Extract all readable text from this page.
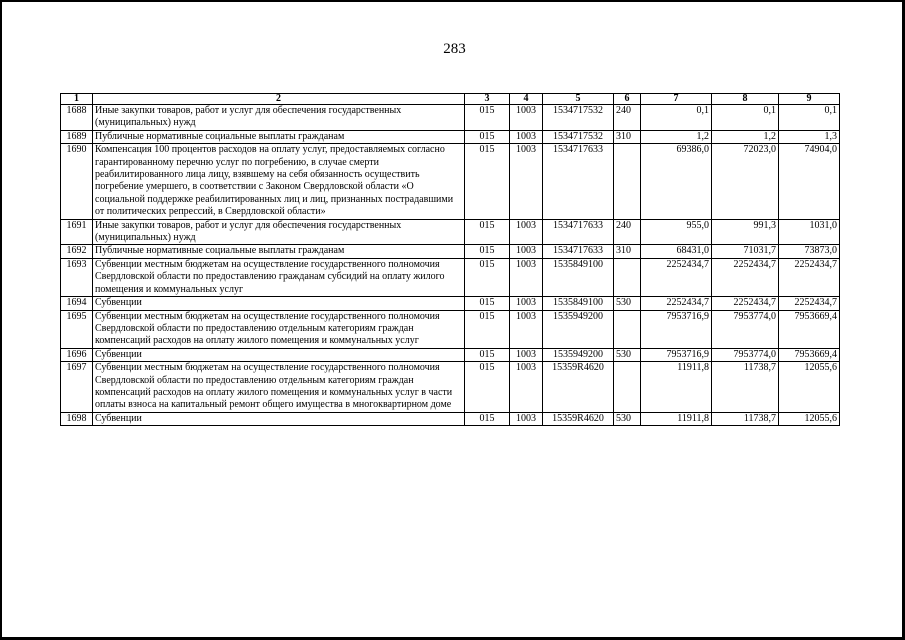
283
1	2	3	4	5	6	7	8	9
1688	Иные закупки товаров, работ и услуг для обеспечения государственных (муниципальных) нужд	015	1003	1534717532	240	0,1	0,1	0,1
1689	Публичные нормативные социальные выплаты гражданам	015	1003	1534717532	310	1,2	1,2	1,3
1690	Компенсация 100 процентов расходов на оплату услуг, предоставляемых согласно гарантированному перечню услуг по погребению, в случае смерти реабилитированного лица лицу, взявшему на себя обязанность осуществить погребение умершего, в соответствии с Законом Свердловской области «О социальной поддержке реабилитированных лиц и лиц, признанных пострадавшими от политических репрессий, в Свердловской области»	015	1003	1534717633		69386,0	72023,0	74904,0
1691	Иные закупки товаров, работ и услуг для обеспечения государственных (муниципальных) нужд	015	1003	1534717633	240	955,0	991,3	1031,0
1692	Публичные нормативные социальные выплаты гражданам	015	1003	1534717633	310	68431,0	71031,7	73873,0
1693	Субвенции местным бюджетам на осуществление государственного полномочия Свердловской области по предоставлению гражданам субсидий на оплату жилого помещения и коммунальных услуг	015	1003	1535849100		2252434,7	2252434,7	2252434,7
1694	Субвенции	015	1003	1535849100	530	2252434,7	2252434,7	2252434,7
1695	Субвенции местным бюджетам на осуществление государственного полномочия Свердловской области по предоставлению отдельным категориям граждан компенсаций расходов на оплату жилого помещения и коммунальных услуг	015	1003	1535949200		7953716,9	7953774,0	7953669,4
1696	Субвенции	015	1003	1535949200	530	7953716,9	7953774,0	7953669,4
1697	Субвенции местным бюджетам на осуществление государственного полномочия Свердловской области по предоставлению отдельным категориям граждан компенсаций расходов на оплату жилого помещения и коммунальных услуг в части оплаты взноса на капитальный ремонт общего имущества в многоквартирном доме	015	1003	15359R4620		11911,8	11738,7	12055,6
1698	Субвенции	015	1003	15359R4620	530	11911,8	11738,7	12055,6
